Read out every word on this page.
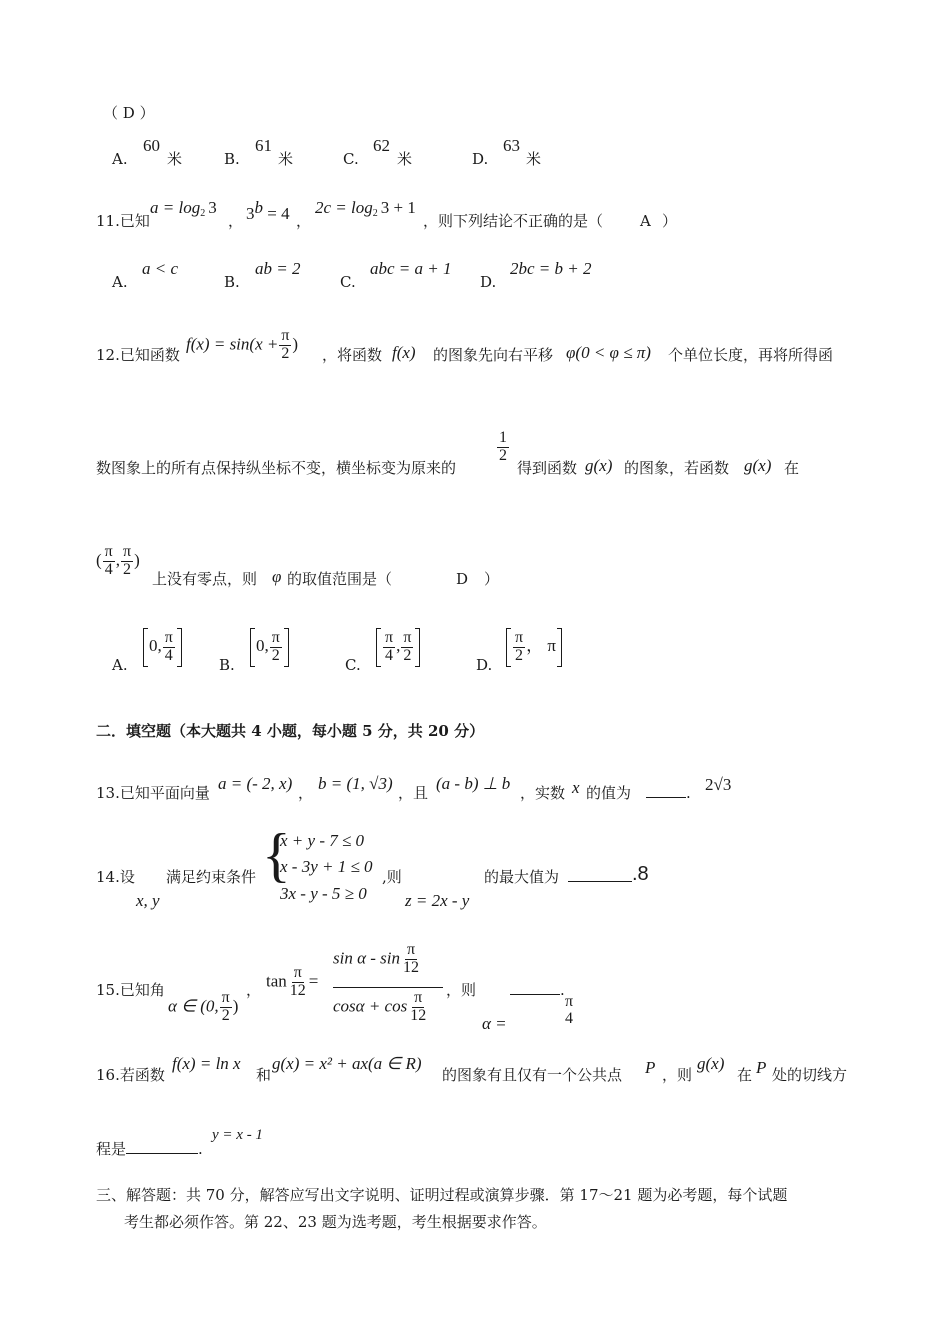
（ D ）
A.
60
米	B.
61
米	C.
62
米	D.
63
米
11.已知
$a = \log_2 3$
， $3^b = 4$ ，
$2c = \log_2 3 + 1$
，则下列结论不正确的是（ A ）
A.
a < c
B.
ab = 2
C.
abc = a + 1
D.
2bc = b + 2
12.已知函数
$f(x) = \sin(x + \frac{\pi}{2}$ )
，将函数 f(x) 的图象先向右平移 φ(0 < φ ≤ π) 个单位长度，再将所得函
数图象上的所有点保持纵坐标不变，横坐标变为原来的
$\frac{1}{2}$
得到函数 g(x) 的图象，若函数 g(x) 在
( $\frac{\pi}{4}$ , $\frac{\pi}{2}$ )
上没有零点，则 φ 的取值范围是（	D ）
A.
0, $\frac{\pi}{4}$
B.
0, $\frac{\pi}{2}$
C.
$\frac{\pi}{4}$ , $\frac{\pi}{2}$
D.
$\frac{\pi}{2}$ ， π
二．填空题（本大题共 4 小题，每小题 5 分，共 20 分）
13.已知平面向量 a = (- 2, x) ， b = (1, √3) ，且 (a - b) ⊥ b ，实数 x 的值为	. 2√3
14.设
x, y
满足约束条件 {
x + y - 7 ≤ 0
x - 3y + 1 ≤ 0
3x - y - 5 ≥ 0
,则
z = 2x - y
的最大值为	.8
15.已知角
α ∈ (0, $\frac{\pi}{2}$ )
， $\tan \frac{\pi}{12}$ =
sin α - $\sin \frac{\pi}{12}$
$\cos\alpha + \cos \frac{\pi}{12}$ ，则
α =
.
π
4
16.若函数
f(x) = ln x
和
g(x) = x² + ax(a ∈ R)
的图象有且仅有一个公共点 P ，则
g(x)
在 P 处的切线方
程是	.
y = x - 1
三、解答题：共 70 分，解答应写出文字说明、证明过程或演算步骤．第 17～21 题为必考题，每个试题
考生都必须作答。第 22、23 题为选考题，考生根据要求作答。
